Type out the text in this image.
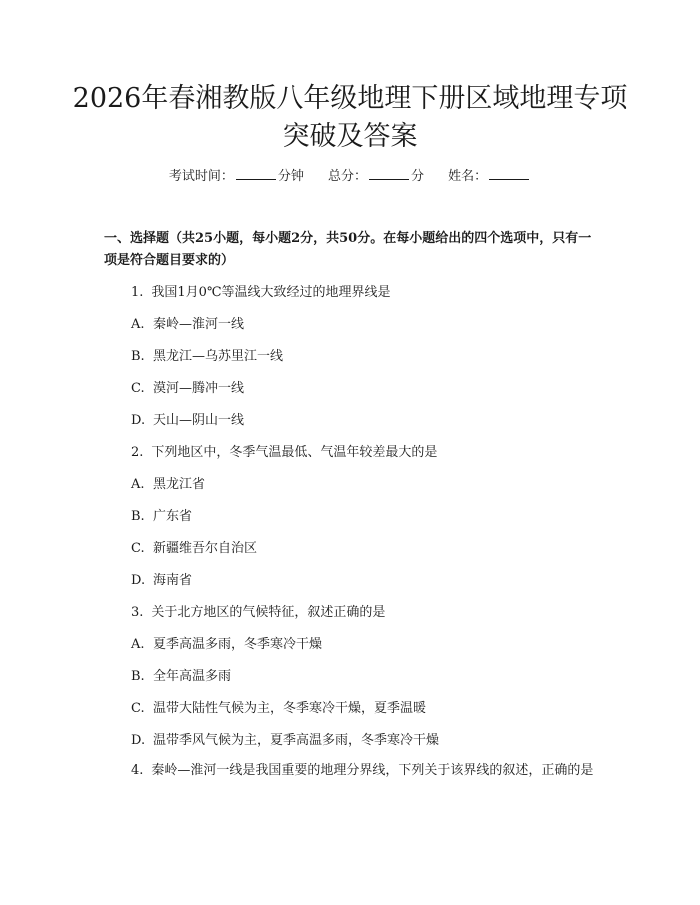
2026年春湘教版八年级地理下册区域地理专项突破及答案
考试时间：	分钟 总分：	分 姓名：

一、选择题（共25小题，每小题2分，共50分。在每小题给出的四个选项中，只有一项是符合题目要求的）

1. 我国1月0℃等温线大致经过的地理界线是

A. 秦岭—淮河一线

B. 黑龙江—乌苏里江一线

C. 漠河—腾冲一线

D. 天山—阴山一线

2. 下列地区中，冬季气温最低、气温年较差最大的是

A. 黑龙江省

B. 广东省

C. 新疆维吾尔自治区

D. 海南省

3. 关于北方地区的气候特征，叙述正确的是

A. 夏季高温多雨，冬季寒冷干燥

B. 全年高温多雨

C. 温带大陆性气候为主，冬季寒冷干燥，夏季温暖

D. 温带季风气候为主，夏季高温多雨，冬季寒冷干燥

4. 秦岭—淮河一线是我国重要的地理分界线，下列关于该界线的叙述，正确的是
